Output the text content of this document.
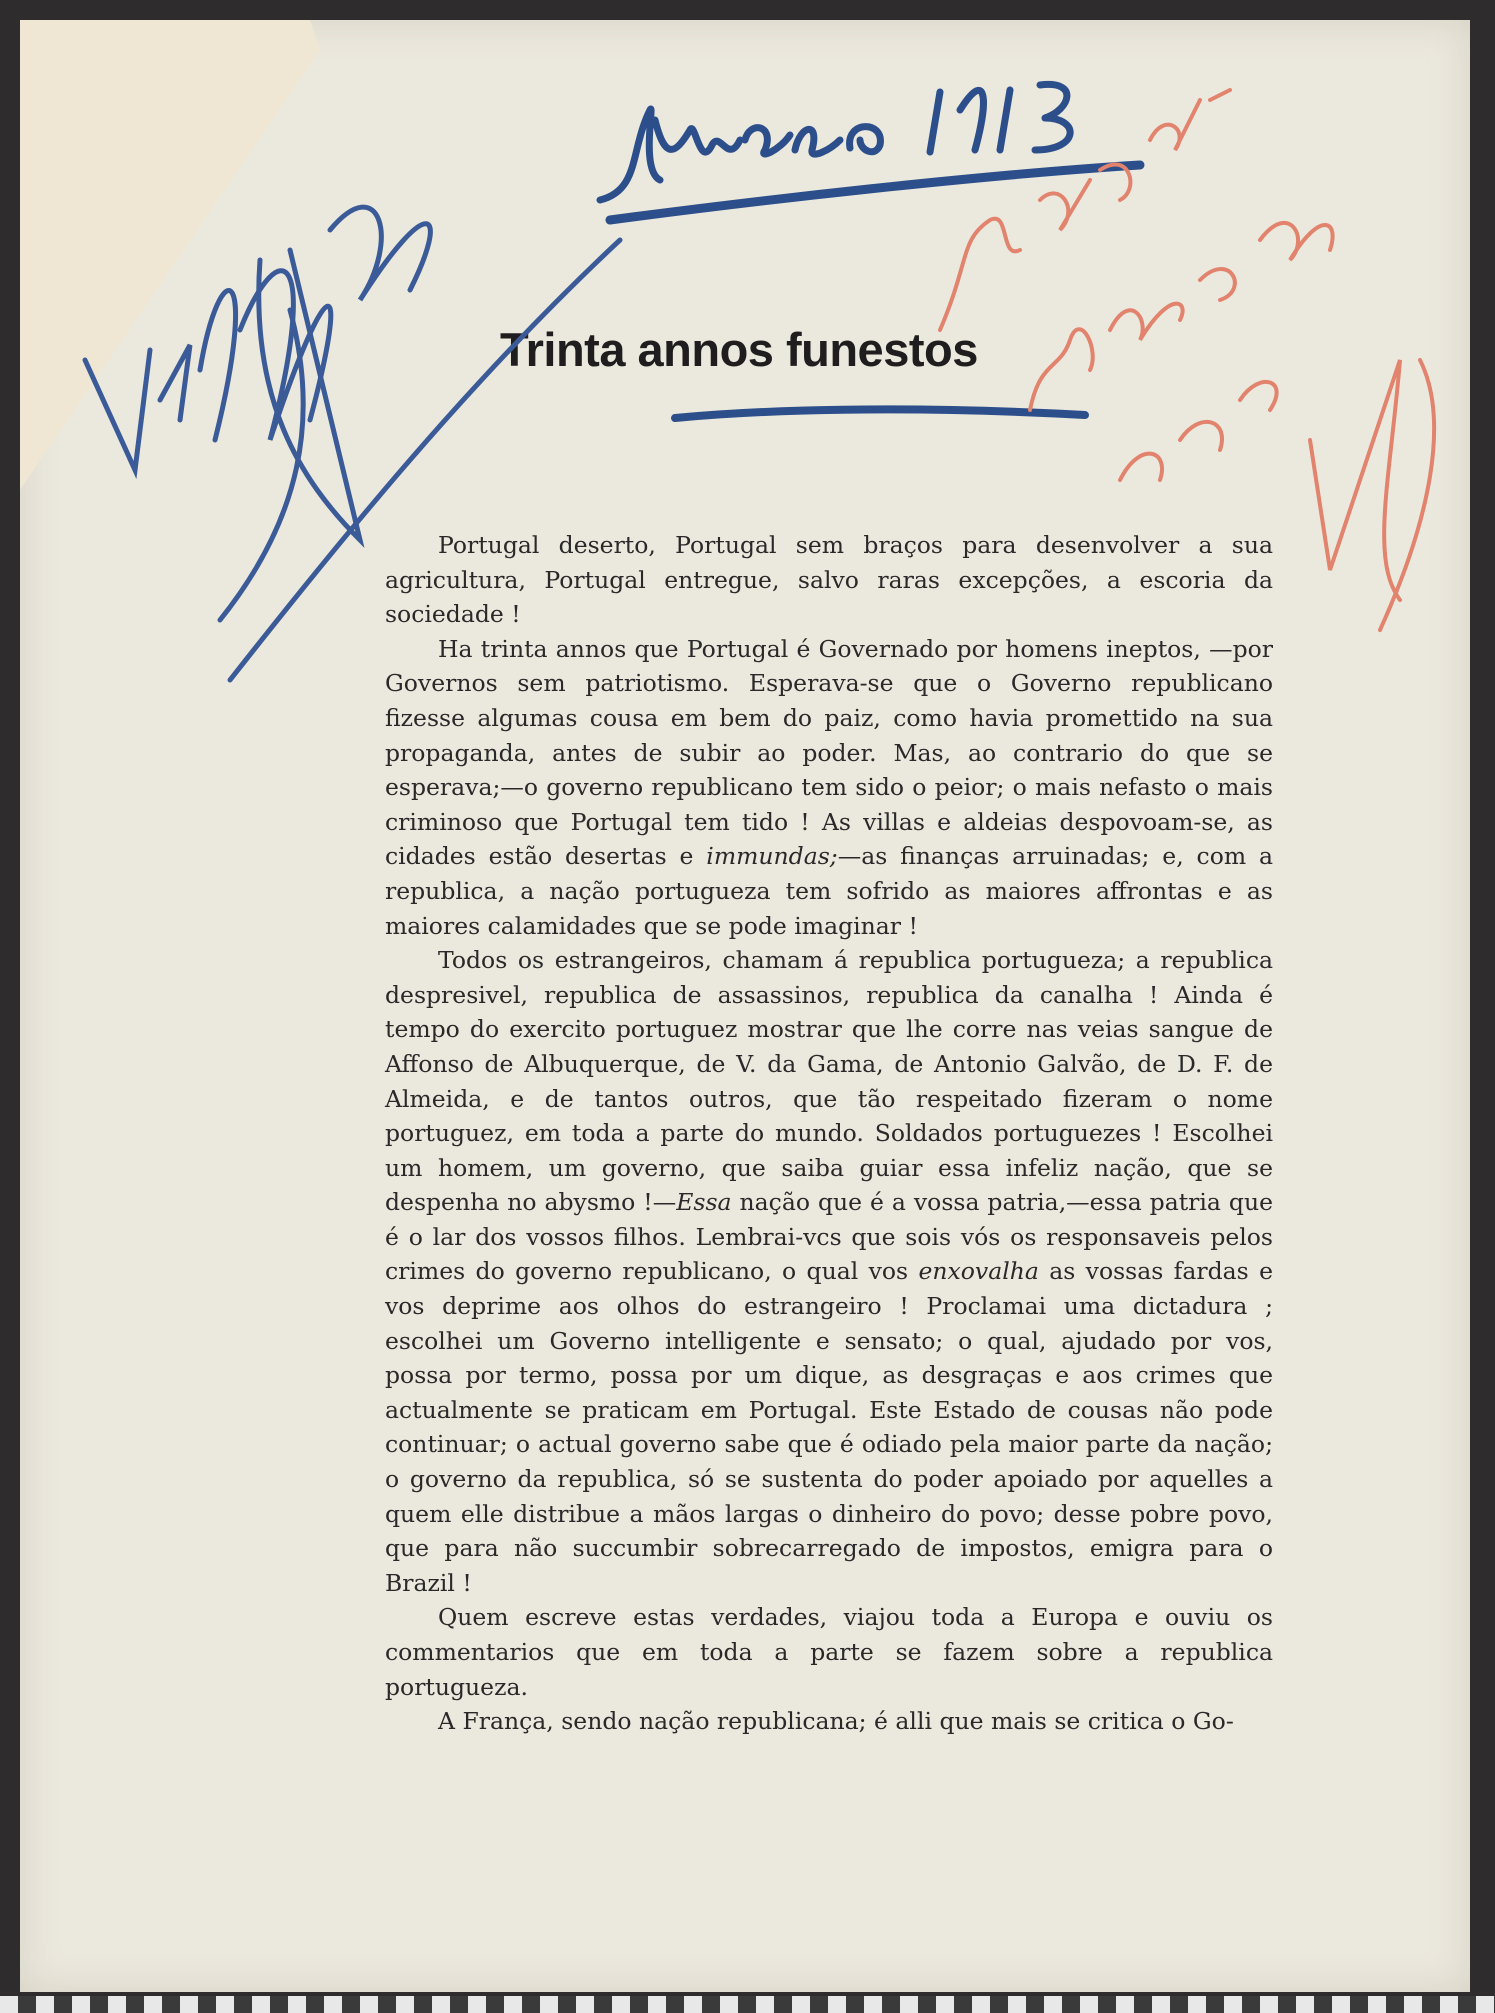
Trinta annos funestos

Portugal deserto, Portugal sem braços para desenvolver a sua agricultura, Portugal entregue, salvo raras excepções, a escoria da sociedade !

Ha trinta annos que Portugal é Governado por homens ineptos, —por Governos sem patriotismo. Esperava-se que o Governo republicano fizesse algumas cousa em bem do paiz, como havia promettido na sua propaganda, antes de subir ao poder. Mas, ao contrario do que se esperava;—o governo republicano tem sido o peior; o mais nefasto o mais criminoso que Portugal tem tido ! As villas e aldeias despovoam-se, as cidades estão desertas e immundas;—as finanças arruinadas; e, com a republica, a nação portugueza tem sofrido as maiores affrontas e as maiores calamidades que se pode imaginar !

Todos os estrangeiros, chamam á republica portugueza; a republica despresivel, republica de assassinos, republica da canalha ! Ainda é tempo do exercito portuguez mostrar que lhe corre nas veias sangue de Affonso de Albuquerque, de V. da Gama, de Antonio Galvão, de D. F. de Almeida, e de tantos outros, que tão respeitado fizeram o nome portuguez, em toda a parte do mundo. Soldados portuguezes ! Escolhei um homem, um governo, que saiba guiar essa infeliz nação, que se despenha no abysmo !—Essa nação que é a vossa patria,—essa patria que é o lar dos vossos filhos. Lembrai-vcs que sois vós os responsaveis pelos crimes do governo republicano, o qual vos enxovalha as vossas fardas e vos deprime aos olhos do estrangeiro ! Proclamai uma dictadura ; escolhei um Governo intelligente e sensato; o qual, ajudado por vos, possa por termo, possa por um dique, as desgraças e aos crimes que actualmente se praticam em Portugal. Este Estado de cousas não pode continuar; o actual governo sabe que é odiado pela maior parte da nação; o governo da republica, só se sustenta do poder apoiado por aquelles a quem elle distribue a mãos largas o dinheiro do povo; desse pobre povo, que para não succumbir sobrecarregado de impostos, emigra para o Brazil !

Quem escreve estas verdades, viajou toda a Europa e ouviu os commentarios que em toda a parte se fazem sobre a republica portugueza.

A França, sendo nação republicana; é alli que mais se critica o Go-
